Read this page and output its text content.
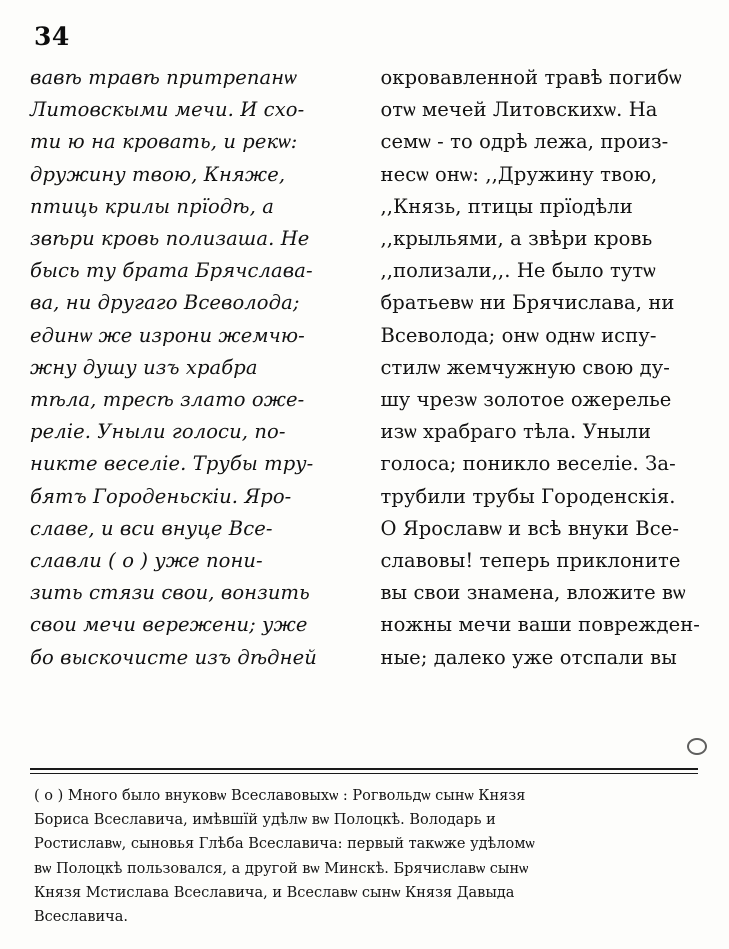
34
вавѣ травѣ притрепанѡ
Литовскыми мечи. И схо-
ти ю на кровать, и рекѡ:
дружину твою, Княже,
птиць крилы прїодѣ, а
звѣри кровь полизаша. Не
бысь ту брата Брячслава-
ва, ни другаго Всеволода;
единѡ же изрони жемчю-
жну душу изъ храбра
тѣла, тресѣ злато оже-
реліе. Уныли голоси, по-
никте веселіе. Трубы тру-
бятъ Городеньскіи. Яро-
славе, и вси внуце Все-
славли ( о ) уже пони-
зить стязи свои, вонзить
свои мечи вережени; уже
бо выскочисте изъ дѣдней
окровавленной травѣ погибѡ
отѡ мечей Литовскихѡ. На
семѡ - то одрѣ лежа, произ-
несѡ онѡ: ,,Дружину твою,
,,Князь, птицы прїодѣли
,,крыльями, а звѣри кровь
,,полизали,,. Не было тутѡ
братьевѡ ни Брячислава, ни
Всеволода; онѡ однѡ испу-
стилѡ жемчужную свою ду-
шу чрезѡ золотое ожерелье
изѡ храбраго тѣла. Уныли
голоса; поникло веселіе. За-
трубили трубы Городенскія.
О Ярославѡ и всѣ внуки Все-
славовы! теперь приклоните
вы свои знамена, вложите вѡ
ножны мечи ваши поврежден-
ные; далеко уже отспали вы
( о ) Много было внуковѡ Всеславовыхѡ : Рогвольдѡ сынѡ Князя
Бориса Всеславича, имѣвшїй удѣлѡ вѡ Полоцкѣ. Володарь и
Ростиславѡ, сыновья Глѣба Всеславича: первый такѡже удѣломѡ
вѡ Полоцкѣ пользовался, а другой вѡ Минскѣ. Брячиславѡ сынѡ
Князя Мстислава Всеславича, и Всеславѡ сынѡ Князя Давыда
Всеславича.
